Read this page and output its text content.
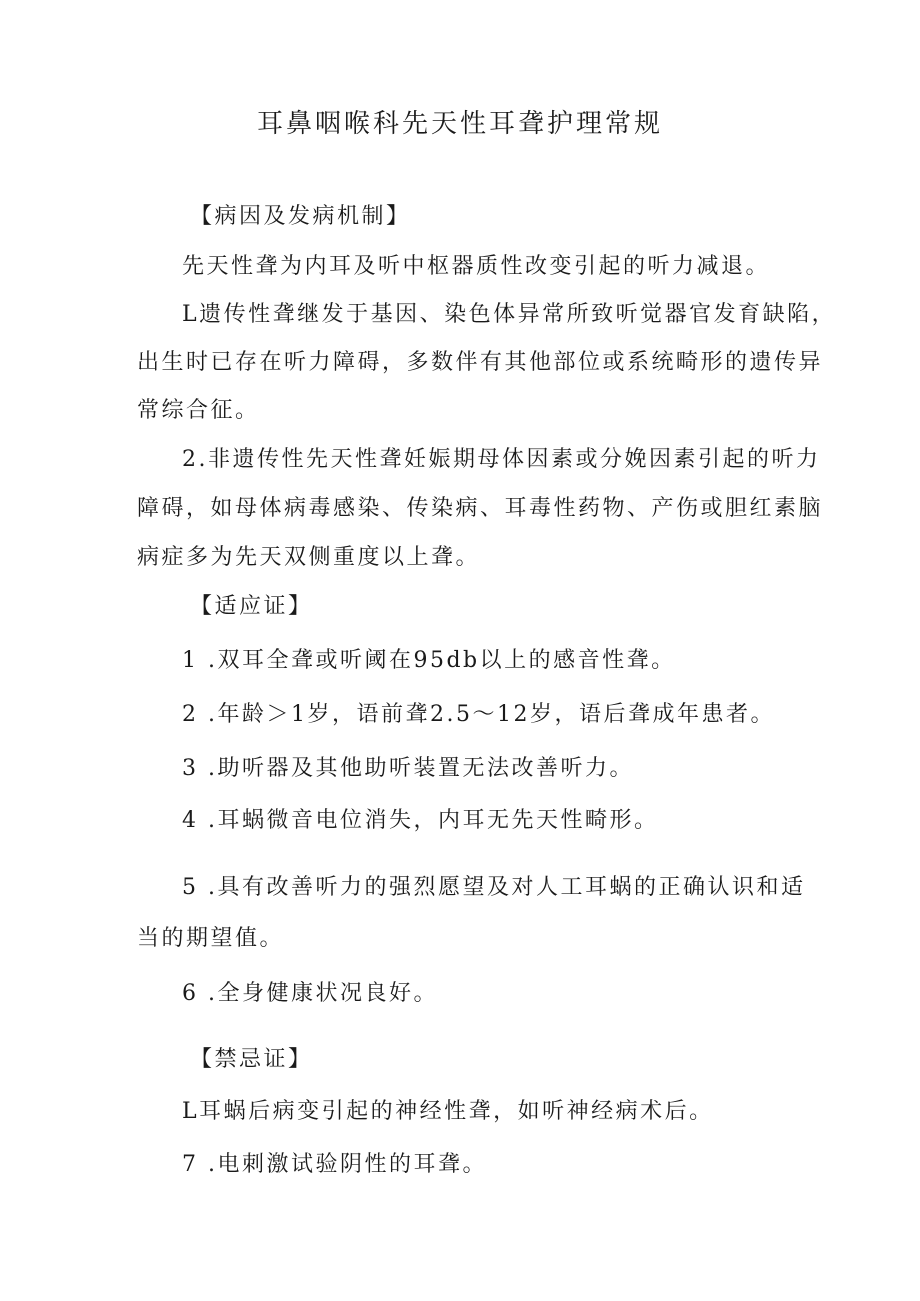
耳鼻咽喉科先天性耳聋护理常规
【病因及发病机制】
先天性聋为内耳及听中枢器质性改变引起的听力减退。
L遗传性聋继发于基因、染色体异常所致听觉器官发育缺陷，
出生时已存在听力障碍，多数伴有其他部位或系统畸形的遗传异
常综合征。
2.非遗传性先天性聋妊娠期母体因素或分娩因素引起的听力
障碍，如母体病毒感染、传染病、耳毒性药物、产伤或胆红素脑
病症多为先天双侧重度以上聋。
【适应证】
1 .双耳全聋或听阈在95db以上的感音性聋。
2 .年龄＞1岁，语前聋2.5～12岁，语后聋成年患者。
3 .助听器及其他助听装置无法改善听力。
4 .耳蜗微音电位消失，内耳无先天性畸形。
5 .具有改善听力的强烈愿望及对人工耳蜗的正确认识和适
当的期望值。
6 .全身健康状况良好。
【禁忌证】
L耳蜗后病变引起的神经性聋，如听神经病术后。
7 .电刺激试验阴性的耳聋。
